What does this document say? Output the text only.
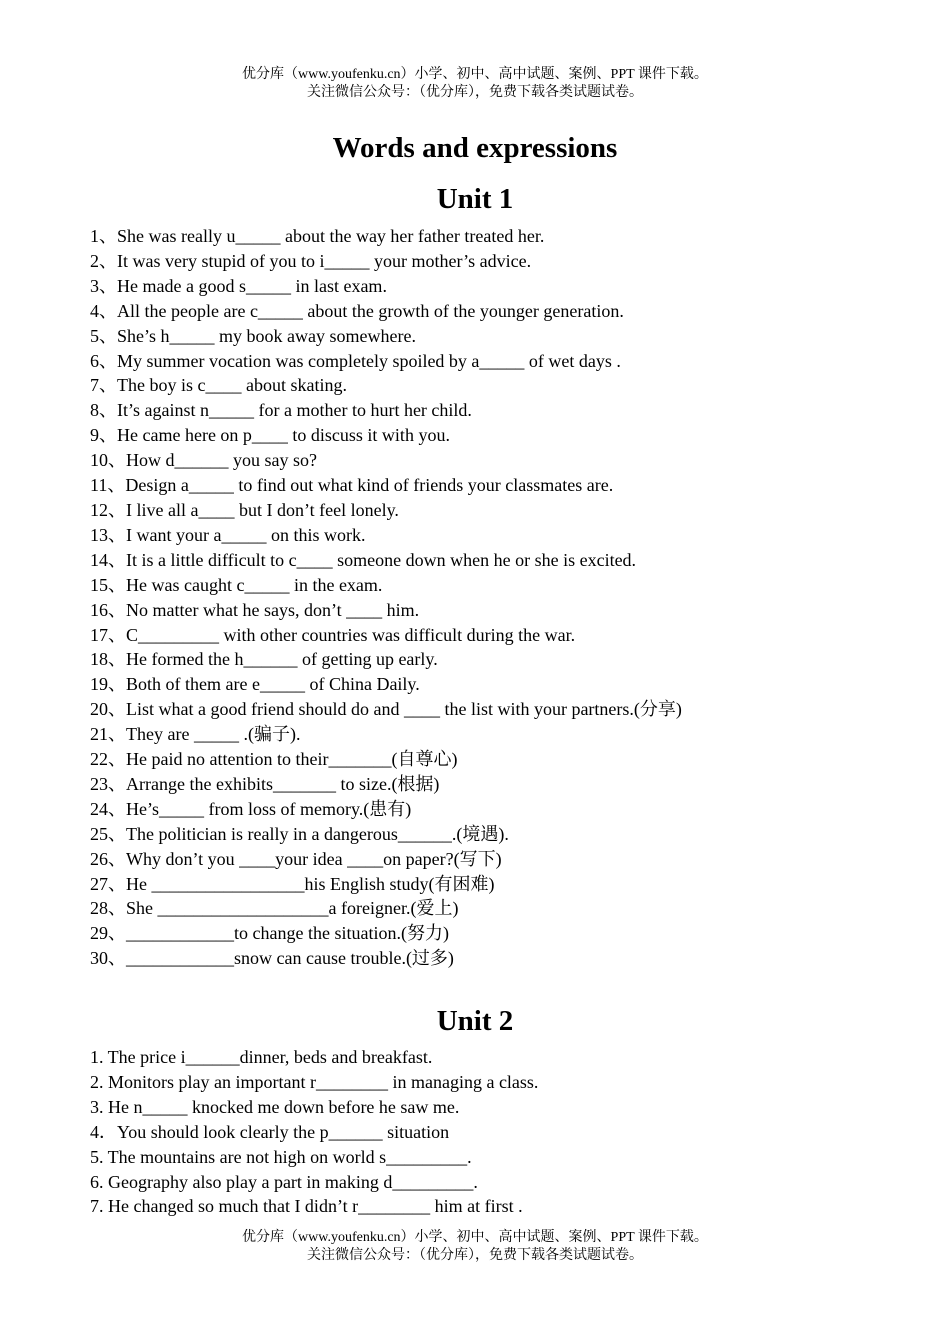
优分库（www.youfenku.cn）小学、初中、高中试题、案例、PPT 课件下载。
关注微信公众号：（优分库），免费下载各类试题试卷。
Words and expressions
Unit 1
1、She was really u_____ about the way her father treated her.
2、It was very stupid of you to i_____ your mother’s advice.
3、He made a good s_____ in last exam.
4、All the people are c_____ about the growth of the younger generation.
5、She’s h_____ my book away somewhere.
6、My summer vocation was completely spoiled by a_____ of wet days .
7、The boy is c____ about skating.
8、It’s against n_____ for a mother to hurt her child.
9、He came here on p____ to discuss it with you.
10、How d______ you say so?
11、Design a_____ to find out what kind of friends your classmates are.
12、I live all a____ but I don’t feel lonely.
13、I want your a_____ on this work.
14、It is a little difficult to c____ someone down when he or she is excited.
15、He was caught c_____ in the exam.
16、No matter what he says, don’t ____ him.
17、C_________ with other countries was difficult during the war.
18、He formed the h______ of getting up early.
19、Both of them are e_____ of China Daily.
20、List what a good friend should do and ____ the list with your partners.(分享)
21、They are _____ .(骗子).
22、He paid no attention to their_______(自尊心)
23、Arrange the exhibits_______ to size.(根据)
24、He’s_____ from loss of memory.(患有)
25、The politician is really in a dangerous______.(境遇).
26、Why don’t you ____your idea ____on paper?(写下)
27、He _________________his English study(有困难)
28、She ___________________a foreigner.(爱上)
29、____________to change the situation.(努力)
30、____________snow can cause trouble.(过多)
Unit 2
1. The price i______dinner, beds and breakfast.
2. Monitors play an important r________ in managing a class.
3. He n_____ knocked me down before he saw me.
4．You should look clearly the p______ situation
5. The mountains are not high on world s_________.
6. Geography also play a part in making d_________.
7. He changed so much that I didn’t r________ him at first .
优分库（www.youfenku.cn）小学、初中、高中试题、案例、PPT 课件下载。
关注微信公众号：（优分库），免费下载各类试题试卷。
